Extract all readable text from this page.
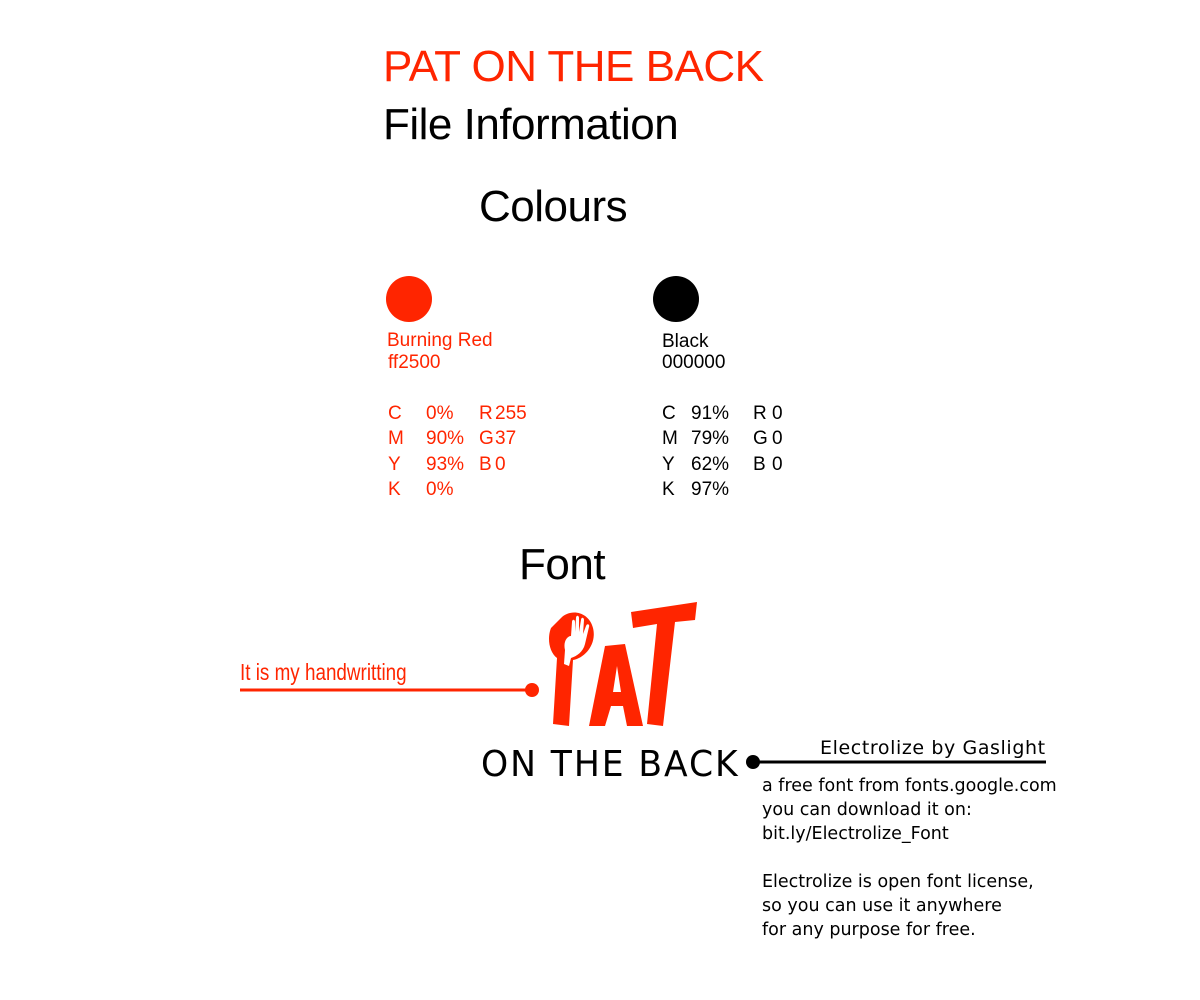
PAT ON THE BACK
File Information
Colours
Burning Red
ff2500
C	0%	R	255
M	90%	G	37
Y	93%	B	0
K	0%		
Black
000000
C	91%	R	0
M	79%	G	0
Y	62%	B	0
K	97%		
Font
It is my handwritting
ON THE BACK	Electrolize by Gaslight
a free font from fonts.google.com
you can download it on:
bit.ly/Electrolize_Font
Electrolize is open font license,
so you can use it anywhere
for any purpose for free.
